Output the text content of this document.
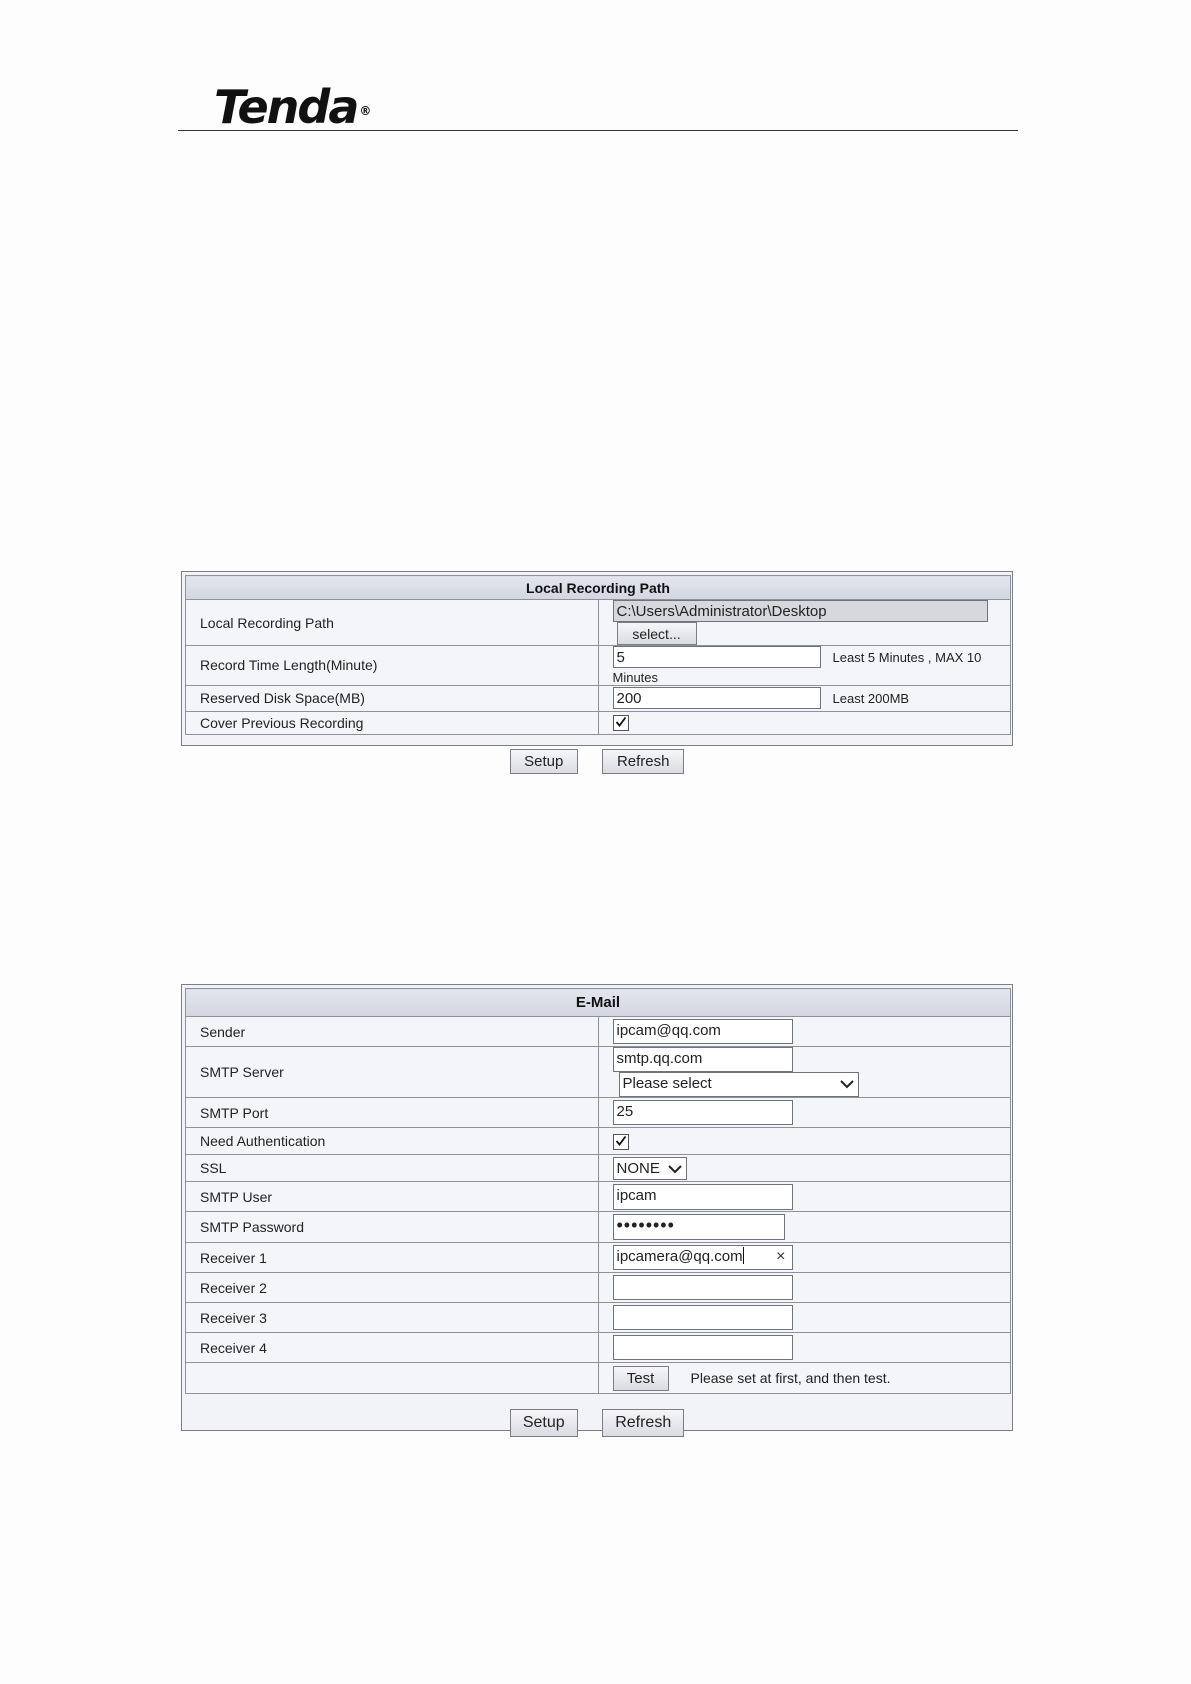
Tenda ®
Local Recording Path	
Local Recording Path	C:\Users\Administrator\Desktop select...
Record Time Length(Minute)	5 Least 5 Minutes , MAX 10 Minutes
Reserved Disk Space(MB)	200 Least 200MB
Cover Previous Recording	
Setup	Refresh
E-Mail	
Sender	ipcam@qq.com
SMTP Server	smtp.qq.com Please select

SMTP Port	25
Need Authentication	

SSL	NONE

SMTP User	ipcam
SMTP Password	••••••••
Receiver 1	ipcamera@qq.com ×

Receiver 2	
Receiver 3	
Receiver 4	
	Test Please set at first, and then test.
Setup	Refresh
